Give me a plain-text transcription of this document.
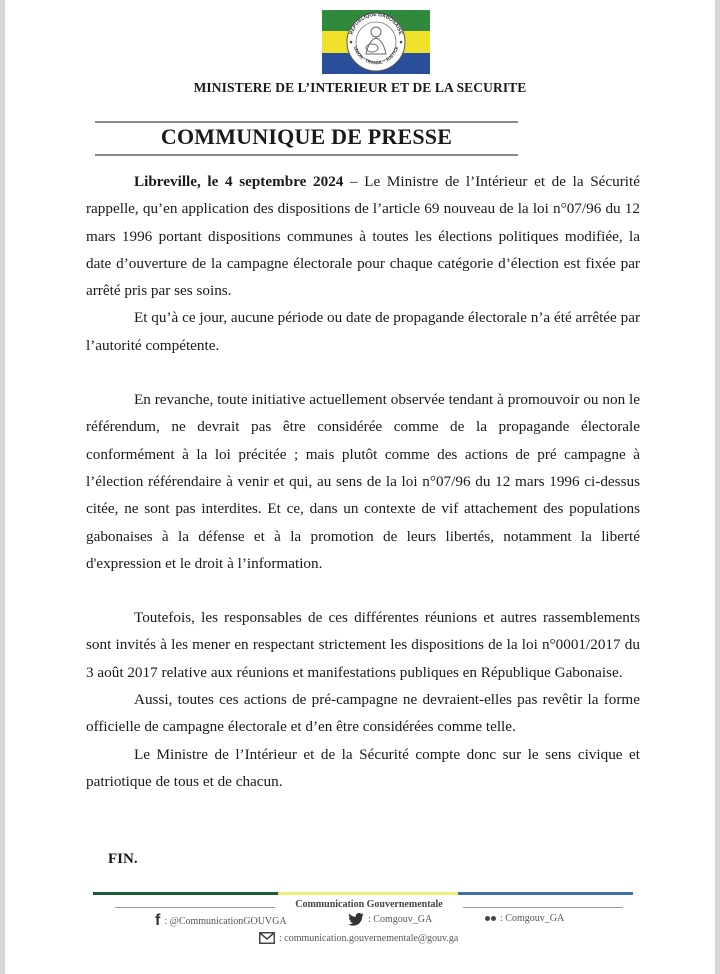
RÉPUBLIQUE GABONAISE
UNION · TRAVAIL · JUSTICE
MINISTERE DE L’INTERIEUR ET DE LA SECURITE
COMMUNIQUE DE PRESSE

Libreville, le 4 septembre 2024 – Le Ministre de l’Intérieur et de la Sécurité rappelle, qu’en application des dispositions de l’article 69 nouveau de la loi n°07/96 du 12 mars 1996 portant dispositions communes à toutes les élections politiques modifiée, la date d’ouverture de la campagne électorale pour chaque catégorie d’élection est fixée par arrêté pris par ses soins.

Et qu’à ce jour, aucune période ou date de propagande électorale n’a été arrêtée par l’autorité compétente.

En revanche, toute initiative actuellement observée tendant à promouvoir ou non le référendum, ne devrait pas être considérée comme de la propagande électorale conformément à la loi précitée ; mais plutôt comme des actions de pré campagne à l’élection référendaire à venir et qui, au sens de la loi n°07/96 du 12 mars 1996 ci-dessus citée, ne sont pas interdites. Et ce, dans un contexte de vif attachement des populations gabonaises à la défense et à la promotion de leurs libertés, notamment la liberté d'expression et le droit à l’information.

Toutefois, les responsables de ces différentes réunions et autres rassemblements sont invités à les mener en respectant strictement les dispositions de la loi n°0001/2017 du 3 août 2017 relative aux réunions et manifestations publiques en République Gabonaise.

Aussi, toutes ces actions de pré-campagne ne devraient-elles pas revêtir la forme officielle de campagne électorale et d’en être considérées comme telle.

Le Ministre de l’Intérieur et de la Sécurité compte donc sur le sens civique et patriotique de tous et de chacun.

FIN.
Communication Gouvernementale
f : @CommunicationGOUVGA	: Comgouv_GA	: Comgouv_GA
: communication.gouvernementale@gouv.ga
